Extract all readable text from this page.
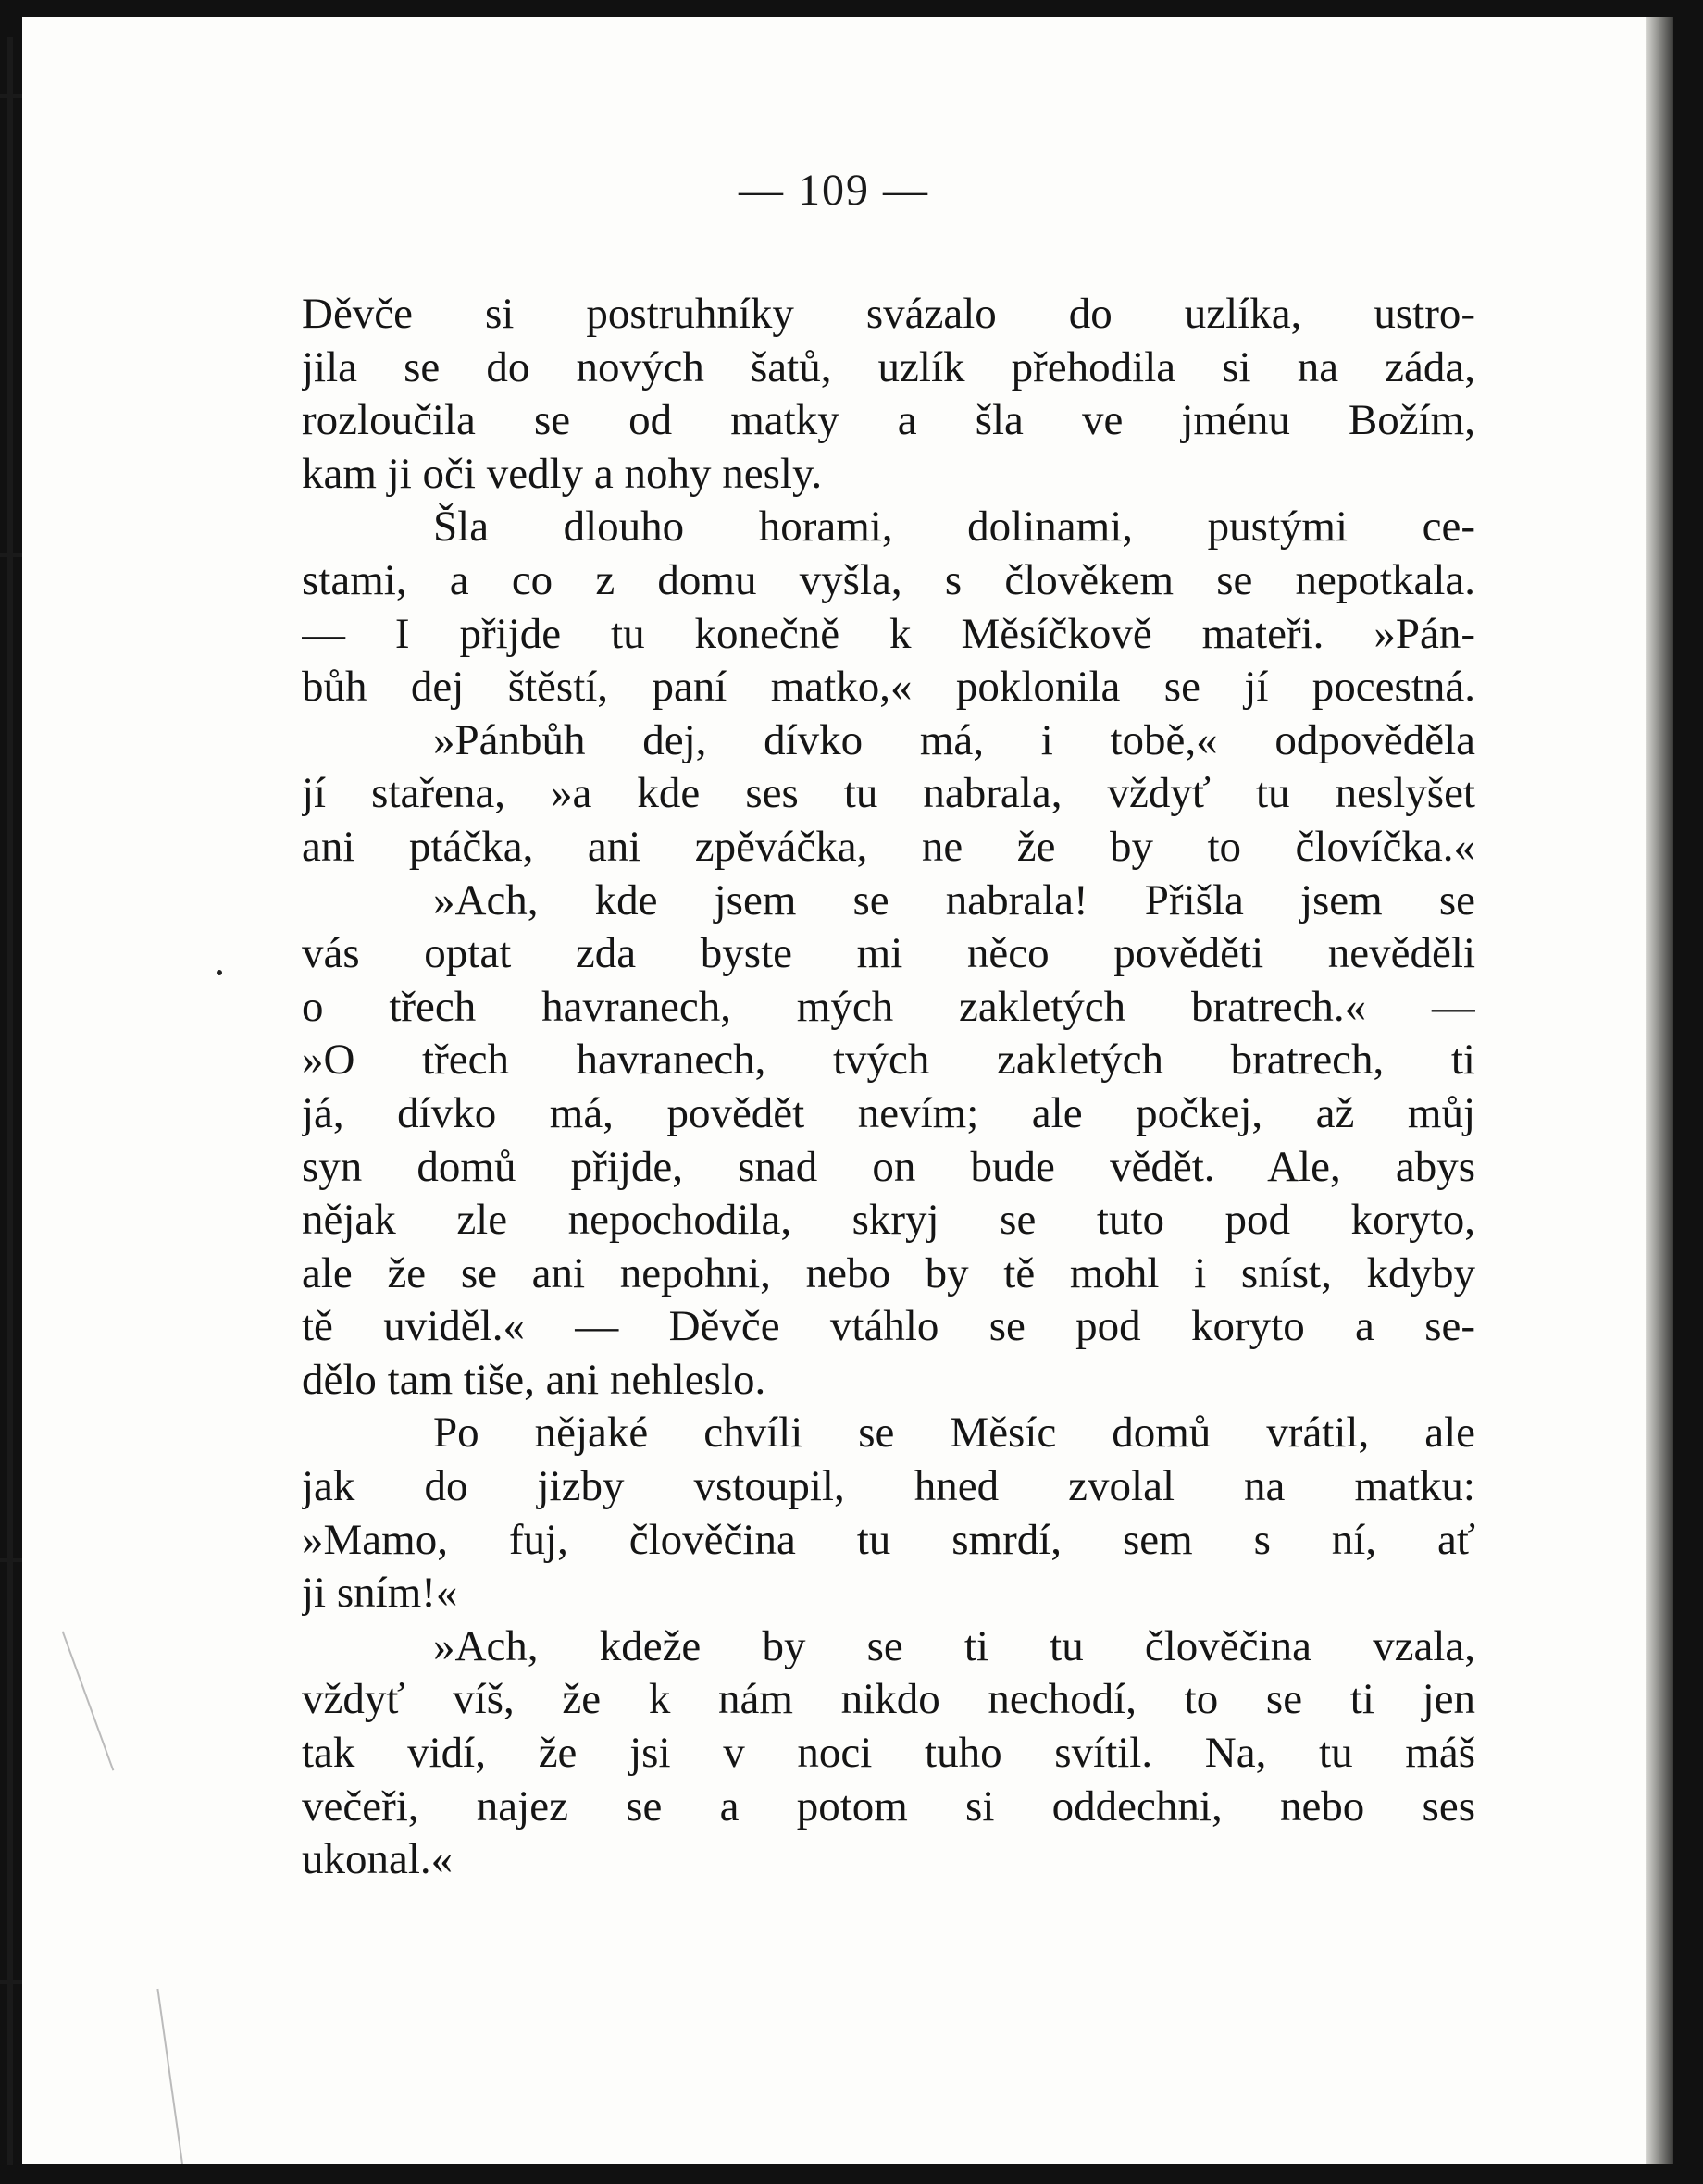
— 109 —
Děvče si postruhníky svázalo do uzlíka, ustro-
jila se do nových šatů, uzlík přehodila si na záda,
rozloučila se od matky a šla ve jménu Božím,
kam ji oči vedly a nohy nesly.
Šla dlouho horami, dolinami, pustými ce-
stami, a co z domu vyšla, s člověkem se nepotkala.
— I přijde tu konečně k Měsíčkově mateři. »Pán-
bůh dej štěstí, paní matko,« poklonila se jí pocestná.
»Pánbůh dej, dívko má, i tobě,« odpověděla
jí stařena, »a kde ses tu nabrala, vždyť tu neslyšet
ani ptáčka, ani zpěváčka, ne že by to človíčka.«
»Ach, kde jsem se nabrala! Přišla jsem se
vás optat zda byste mi něco pověděti nevěděli
o třech havranech, mých zakletých bratrech.« —
»O třech havranech, tvých zakletých bratrech, ti
já, dívko má, povědět nevím; ale počkej, až můj
syn domů přijde, snad on bude vědět. Ale, abys
nějak zle nepochodila, skryj se tuto pod koryto,
ale že se ani nepohni, nebo by tě mohl i sníst, kdyby
tě uviděl.« — Děvče vtáhlo se pod koryto a se-
dělo tam tiše, ani nehleslo.
Po nějaké chvíli se Měsíc domů vrátil, ale
jak do jizby vstoupil, hned zvolal na matku:
»Mamo, fuj, člověčina tu smrdí, sem s ní, ať
ji sním!«
»Ach, kdeže by se ti tu člověčina vzala,
vždyť víš, že k nám nikdo nechodí, to se ti jen
tak vidí, že jsi v noci tuho svítil. Na, tu máš
večeři, najez se a potom si oddechni, nebo ses
ukonal.«
